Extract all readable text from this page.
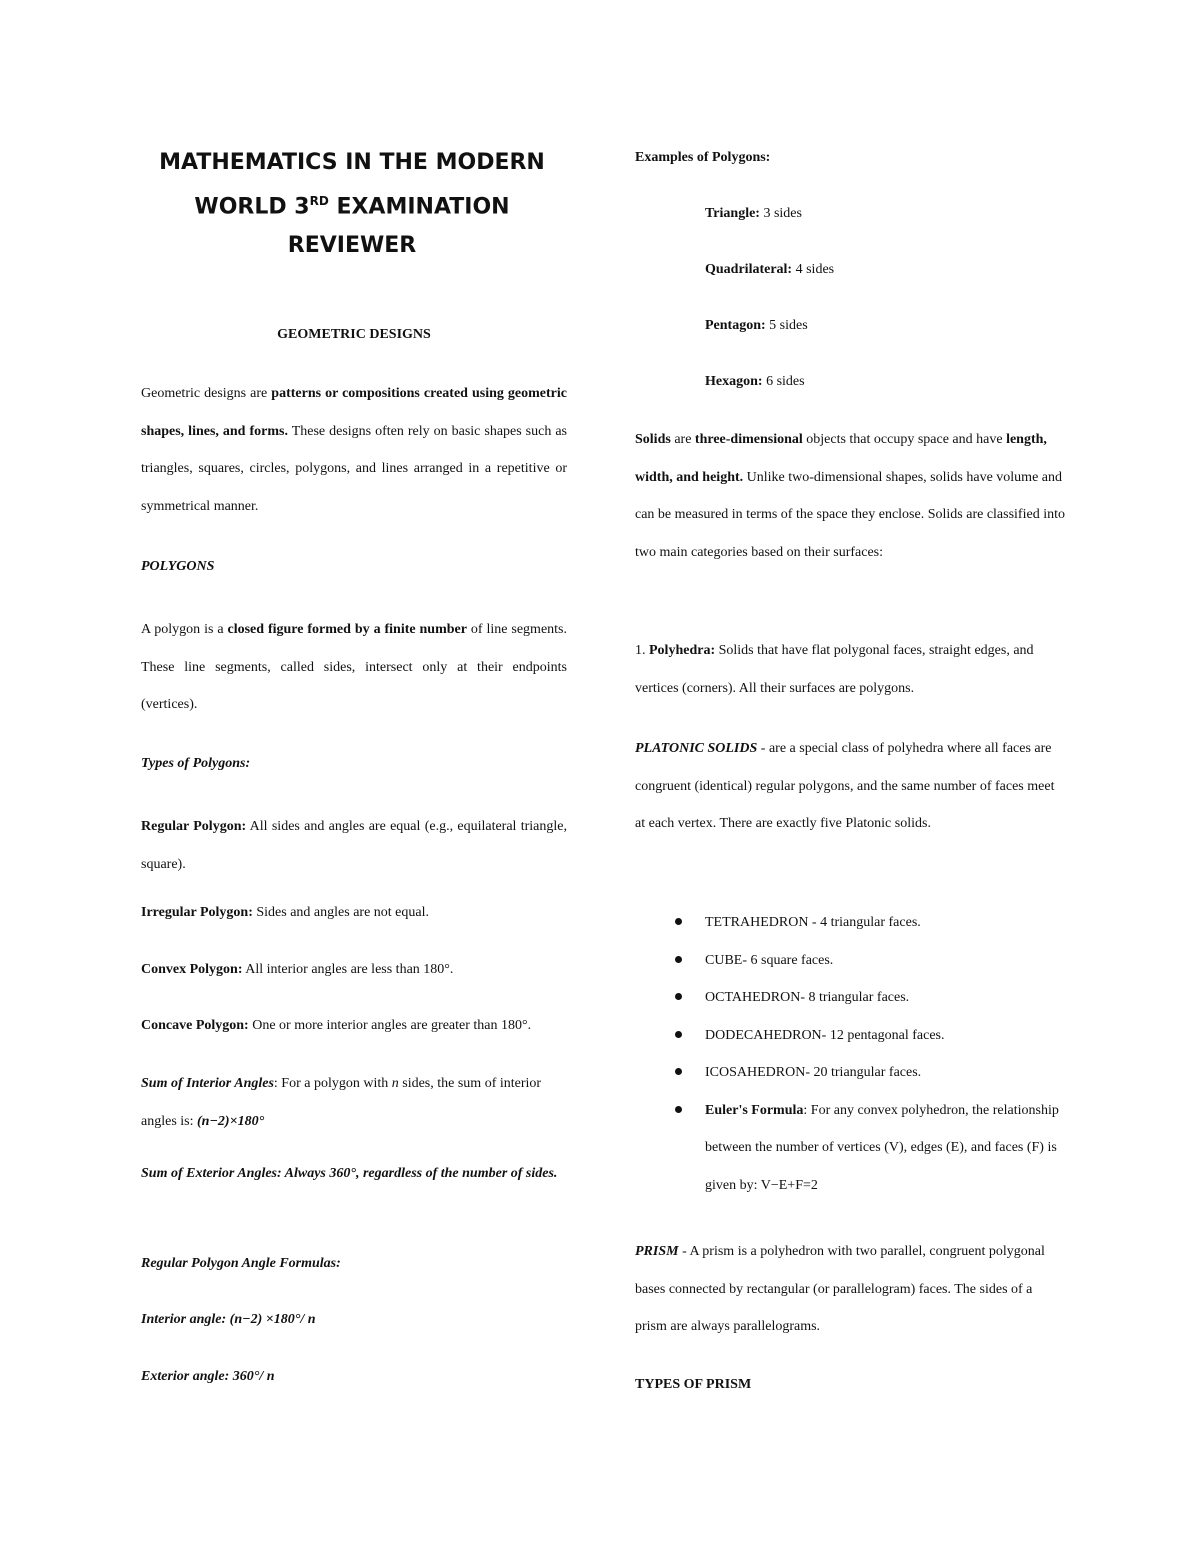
MATHEMATICS IN THE MODERN
WORLD 3RD EXAMINATION
REVIEWER

GEOMETRIC DESIGNS

Geometric designs are patterns or compositions created using geometric shapes, lines, and forms. These designs often rely on basic shapes such as triangles, squares, circles, polygons, and lines arranged in a repetitive or symmetrical manner.

POLYGONS

A polygon is a closed figure formed by a finite number of line segments. These line segments, called sides, intersect only at their endpoints (vertices).

Types of Polygons:

Regular Polygon: All sides and angles are equal (e.g., equilateral triangle, square).

Irregular Polygon: Sides and angles are not equal.

Convex Polygon: All interior angles are less than 180°.

Concave Polygon: One or more interior angles are greater than 180°.

Sum of Interior Angles: For a polygon with n sides, the sum of interior angles is: (n−2)×180°

Sum of Exterior Angles: Always 360°, regardless of the number of sides.

Regular Polygon Angle Formulas:

Interior angle: (n−2) ×180°/ n

Exterior angle: 360°/ n

Examples of Polygons:

Triangle: 3 sides

Quadrilateral: 4 sides

Pentagon: 5 sides

Hexagon: 6 sides

Solids are three-dimensional objects that occupy space and have length, width, and height. Unlike two-dimensional shapes, solids have volume and can be measured in terms of the space they enclose. Solids are classified into two main categories based on their surfaces:

1. Polyhedra: Solids that have flat polygonal faces, straight edges, and vertices (corners). All their surfaces are polygons.

PLATONIC SOLIDS - are a special class of polyhedra where all faces are congruent (identical) regular polygons, and the same number of faces meet at each vertex. There are exactly five Platonic solids.

TETRAHEDRON - 4 triangular faces.
CUBE- 6 square faces.
OCTAHEDRON- 8 triangular faces.
DODECAHEDRON- 12 pentagonal faces.
ICOSAHEDRON- 20 triangular faces.
Euler's Formula: For any convex polyhedron, the relationship between the number of vertices (V), edges (E), and faces (F) is given by: V−E+F=2

PRISM - A prism is a polyhedron with two parallel, congruent polygonal bases connected by rectangular (or parallelogram) faces. The sides of a prism are always parallelograms.

TYPES OF PRISM
